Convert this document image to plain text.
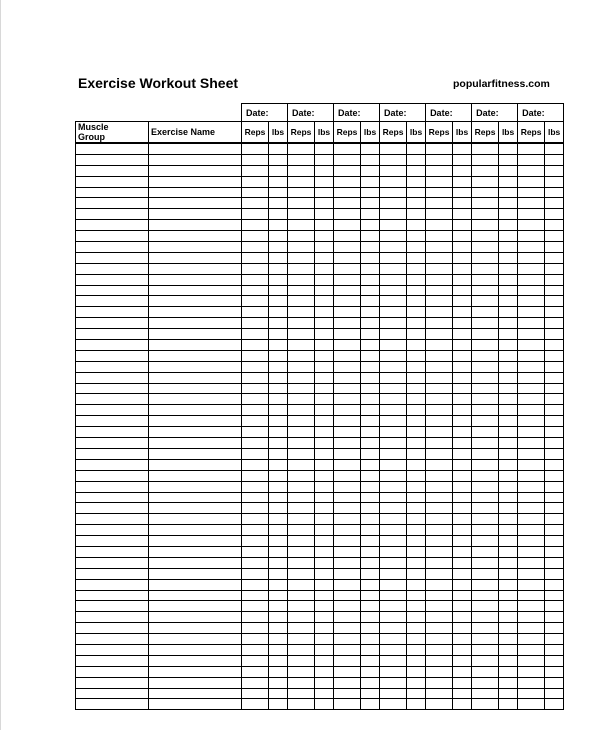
Exercise Workout Sheet	popularfitness.com
		Date:		Date:		Date:		Date:		Date:		Date:		Date:	
Muscle
Group	Exercise Name	Reps	lbs	Reps	lbs	Reps	lbs	Reps	lbs	Reps	lbs	Reps	lbs	Reps	lbs
